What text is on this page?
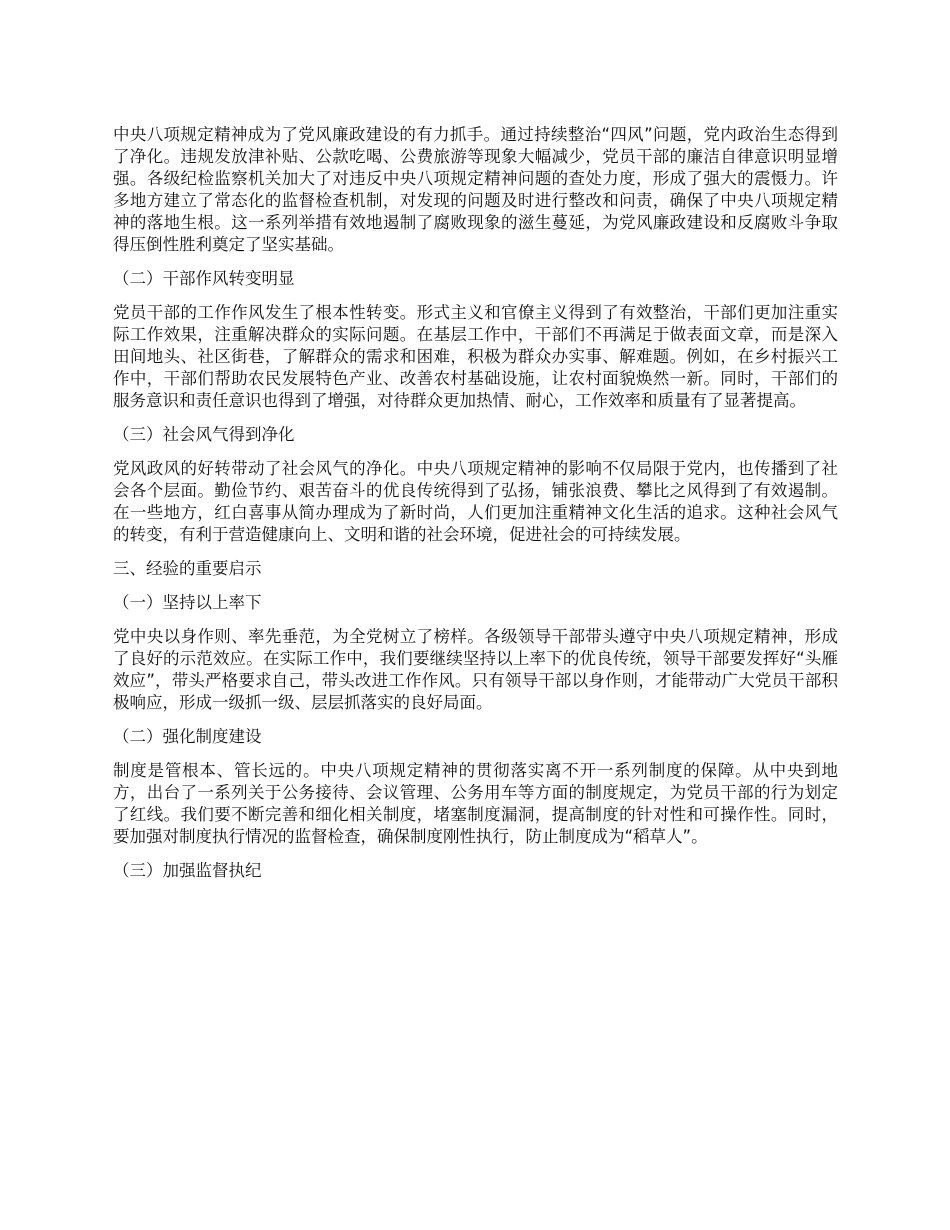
中央八项规定精神成为了党风廉政建设的有力抓手。通过持续整治“四风”问题，党内政治生态得到了净化。违规发放津补贴、公款吃喝、公费旅游等现象大幅减少，党员干部的廉洁自律意识明显增强。各级纪检监察机关加大了对违反中央八项规定精神问题的查处力度，形成了强大的震慑力。许多地方建立了常态化的监督检查机制，对发现的问题及时进行整改和问责，确保了中央八项规定精神的落地生根。这一系列举措有效地遏制了腐败现象的滋生蔓延，为党风廉政建设和反腐败斗争取得压倒性胜利奠定了坚实基础。

（二）干部作风转变明显

党员干部的工作作风发生了根本性转变。形式主义和官僚主义得到了有效整治，干部们更加注重实际工作效果，注重解决群众的实际问题。在基层工作中，干部们不再满足于做表面文章，而是深入田间地头、社区街巷，了解群众的需求和困难，积极为群众办实事、解难题。例如，在乡村振兴工作中，干部们帮助农民发展特色产业、改善农村基础设施，让农村面貌焕然一新。同时，干部们的服务意识和责任意识也得到了增强，对待群众更加热情、耐心，工作效率和质量有了显著提高。

（三）社会风气得到净化

党风政风的好转带动了社会风气的净化。中央八项规定精神的影响不仅局限于党内，也传播到了社会各个层面。勤俭节约、艰苦奋斗的优良传统得到了弘扬，铺张浪费、攀比之风得到了有效遏制。在一些地方，红白喜事从简办理成为了新时尚，人们更加注重精神文化生活的追求。这种社会风气的转变，有利于营造健康向上、文明和谐的社会环境，促进社会的可持续发展。

三、经验的重要启示

（一）坚持以上率下

党中央以身作则、率先垂范，为全党树立了榜样。各级领导干部带头遵守中央八项规定精神，形成了良好的示范效应。在实际工作中，我们要继续坚持以上率下的优良传统，领导干部要发挥好“头雁效应”，带头严格要求自己，带头改进工作作风。只有领导干部以身作则，才能带动广大党员干部积极响应，形成一级抓一级、层层抓落实的良好局面。

（二）强化制度建设

制度是管根本、管长远的。中央八项规定精神的贯彻落实离不开一系列制度的保障。从中央到地方，出台了一系列关于公务接待、会议管理、公务用车等方面的制度规定，为党员干部的行为划定了红线。我们要不断完善和细化相关制度，堵塞制度漏洞，提高制度的针对性和可操作性。同时，要加强对制度执行情况的监督检查，确保制度刚性执行，防止制度成为“稻草人”。

（三）加强监督执纪
